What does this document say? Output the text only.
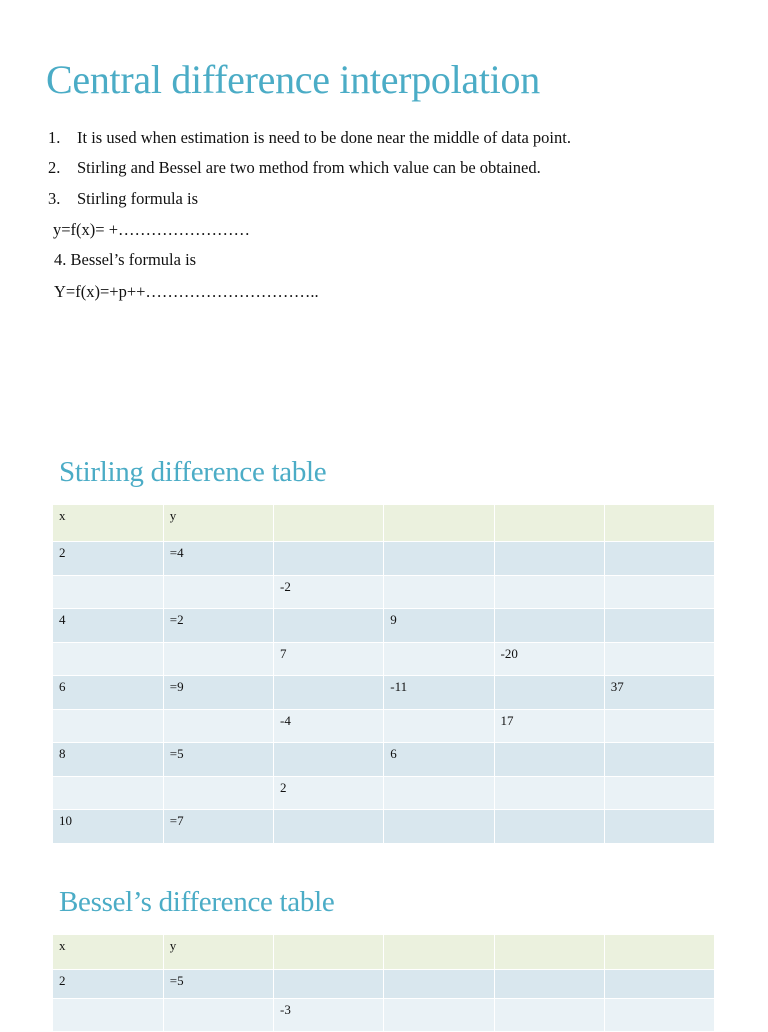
Central difference interpolation
1. It is used when estimation is need to be done near the middle of data point.
2. Stirling and Bessel are two method from which value can be obtained.
3. Stirling formula is
y=f(x)= +……………………
4. Bessel’s formula is
Y=f(x)=+p++…………………………..
Stirling difference table
x	y				
2	=4				
		-2			
4	=2		9		
		7		-20	
6	=9		-11		37
		-4		17	
8	=5		6		
		2			
10	=7				
Bessel’s difference table
x	y				
2	=5				
		-3			
